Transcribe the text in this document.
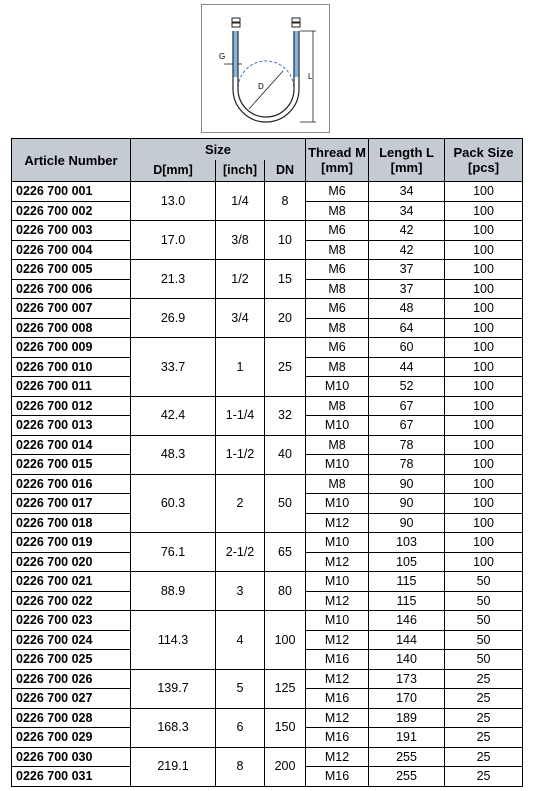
G
D
L
Article Number	Size			Thread M [mm]	Length L [mm]	Pack Size [pcs]
	D[mm]	[inch]	DN			
0226 700 001	13.0	1/4	8	M6	34	100
0226 700 002				M8	34	100
0226 700 003	17.0	3/8	10	M6	42	100
0226 700 004				M8	42	100
0226 700 005	21.3	1/2	15	M6	37	100
0226 700 006				M8	37	100
0226 700 007	26.9	3/4	20	M6	48	100
0226 700 008				M8	64	100
0226 700 009	33.7	1	25	M6	60	100
0226 700 010				M8	44	100
0226 700 011				M10	52	100
0226 700 012	42.4	1-1/4	32	M8	67	100
0226 700 013				M10	67	100
0226 700 014	48.3	1-1/2	40	M8	78	100
0226 700 015				M10	78	100
0226 700 016	60.3	2	50	M8	90	100
0226 700 017				M10	90	100
0226 700 018				M12	90	100
0226 700 019	76.1	2-1/2	65	M10	103	100
0226 700 020				M12	105	100
0226 700 021	88.9	3	80	M10	115	50
0226 700 022				M12	115	50
0226 700 023	114.3	4	100	M10	146	50
0226 700 024				M12	144	50
0226 700 025				M16	140	50
0226 700 026	139.7	5	125	M12	173	25
0226 700 027				M16	170	25
0226 700 028	168.3	6	150	M12	189	25
0226 700 029				M16	191	25
0226 700 030	219.1	8	200	M12	255	25
0226 700 031				M16	255	25
